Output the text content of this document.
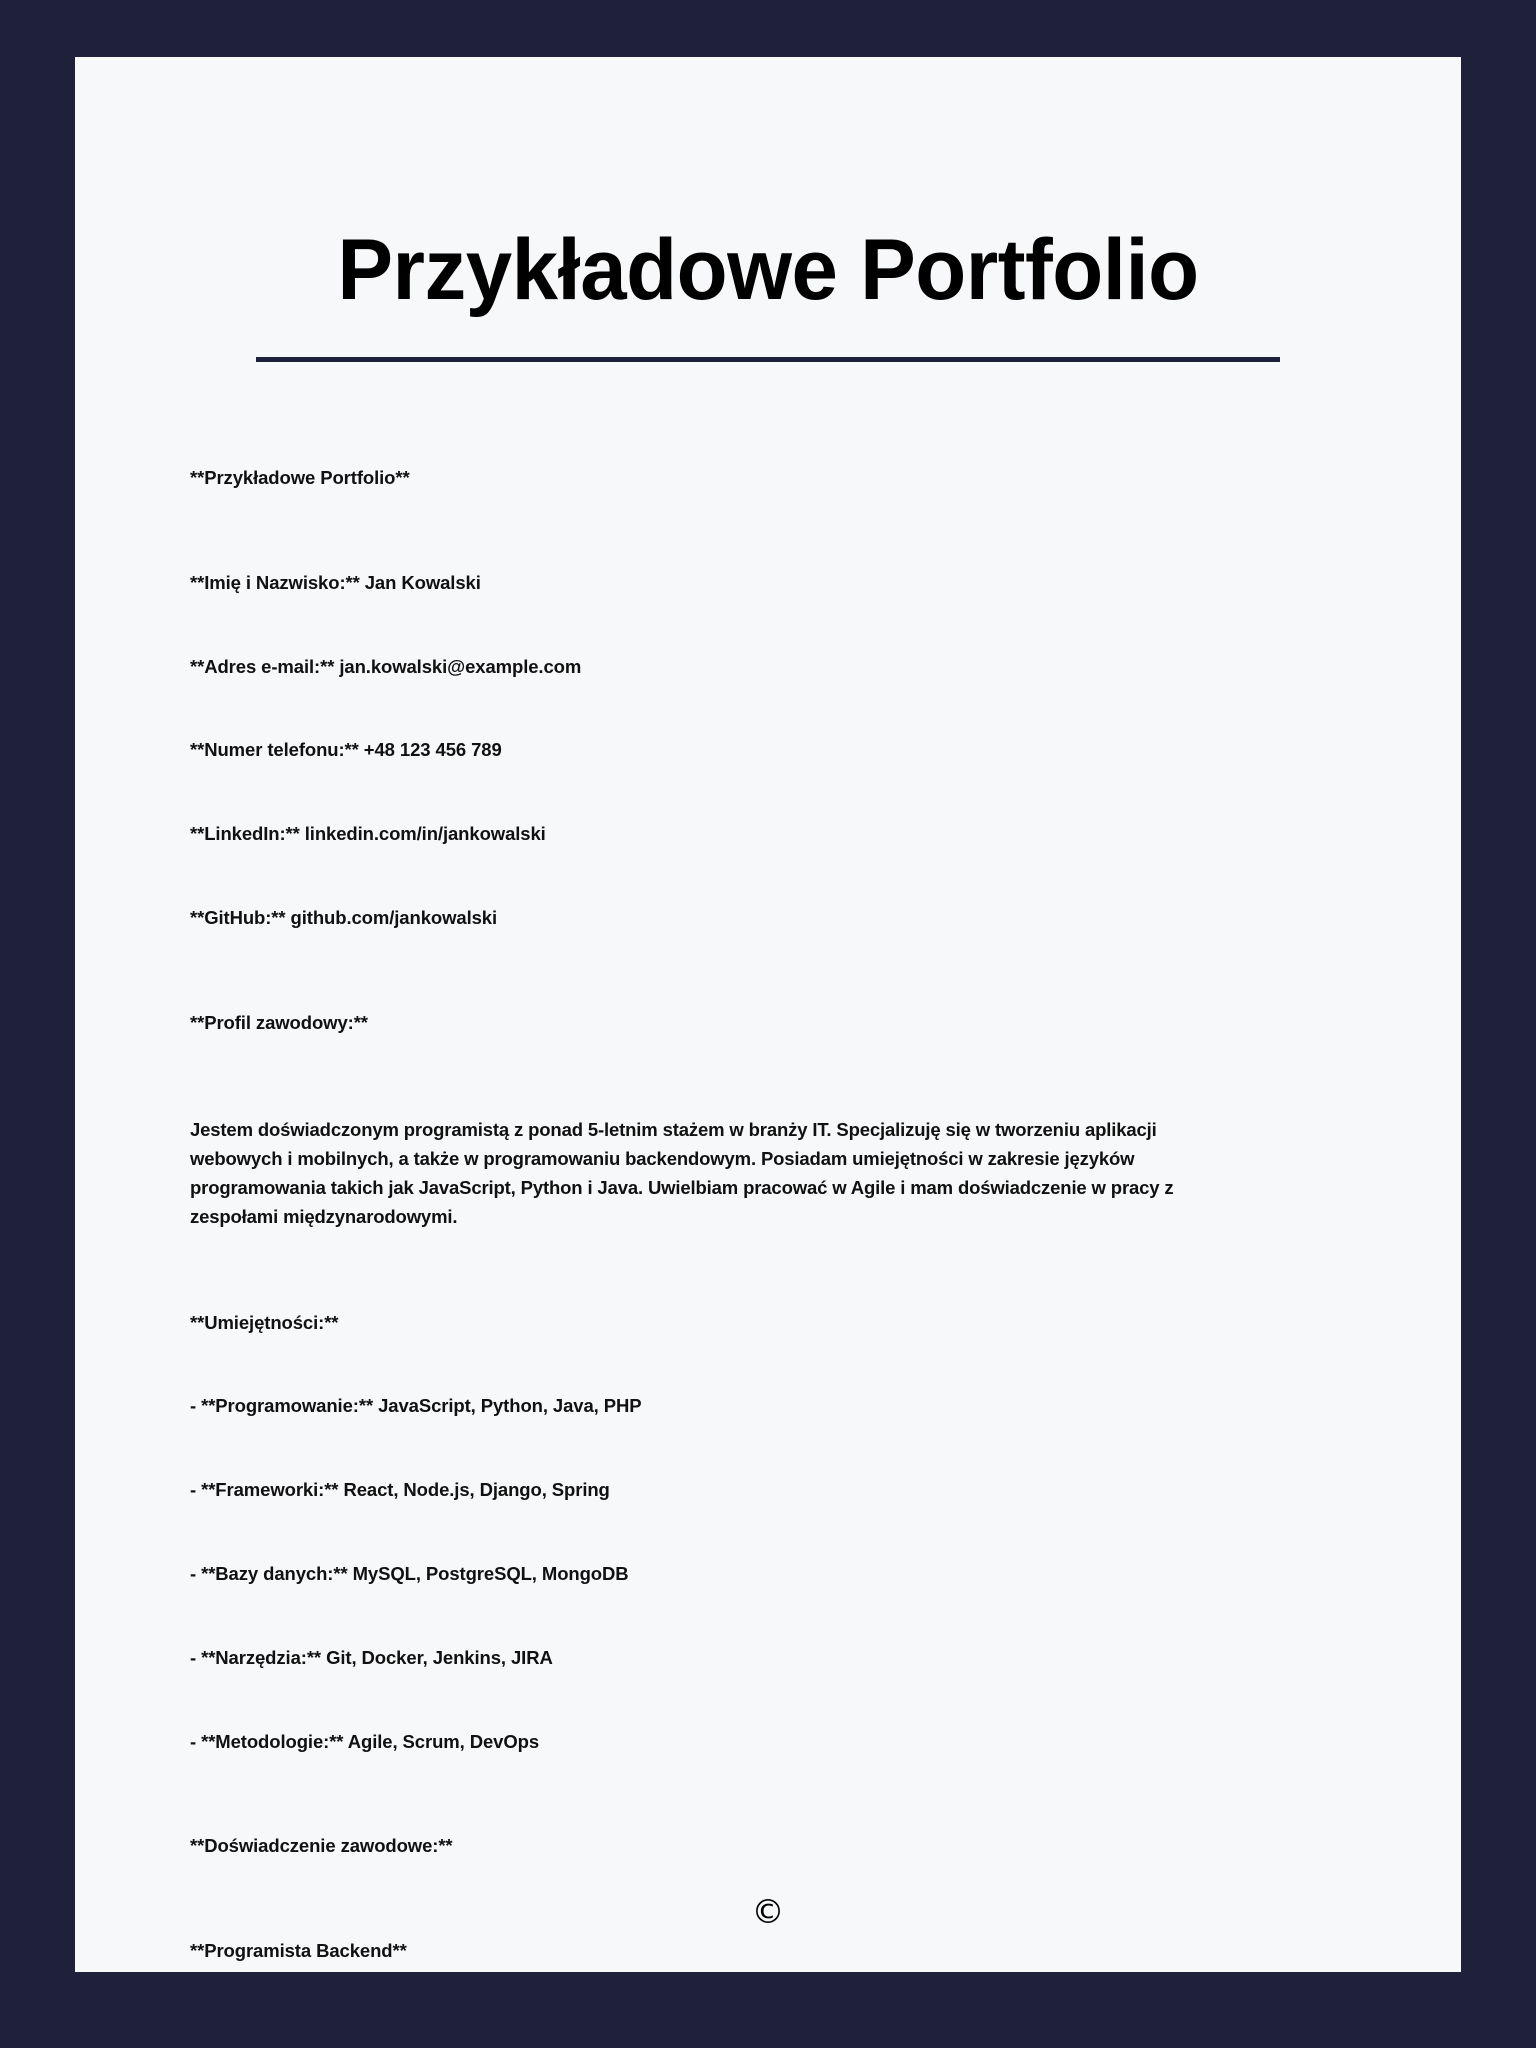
Przykładowe Portfolio
**Przykładowe Portfolio**
**Imię i Nazwisko:** Jan Kowalski
**Adres e-mail:** jan.kowalski@example.com
**Numer telefonu:** +48 123 456 789
**LinkedIn:** linkedin.com/in/jankowalski
**GitHub:** github.com/jankowalski
**Profil zawodowy:**
Jestem doświadczonym programistą z ponad 5-letnim stażem w branży IT. Specjalizuję się w tworzeniu aplikacji webowych i mobilnych, a także w programowaniu backendowym. Posiadam umiejętności w zakresie języków programowania takich jak JavaScript, Python i Java. Uwielbiam pracować w Agile i mam doświadczenie w pracy z zespołami międzynarodowymi.
**Umiejętności:**
- **Programowanie:** JavaScript, Python, Java, PHP
- **Frameworki:** React, Node.js, Django, Spring
- **Bazy danych:** MySQL, PostgreSQL, MongoDB
- **Narzędzia:** Git, Docker, Jenkins, JIRA
- **Metodologie:** Agile, Scrum, DevOps
**Doświadczenie zawodowe:**
**Programista Backend**
©
